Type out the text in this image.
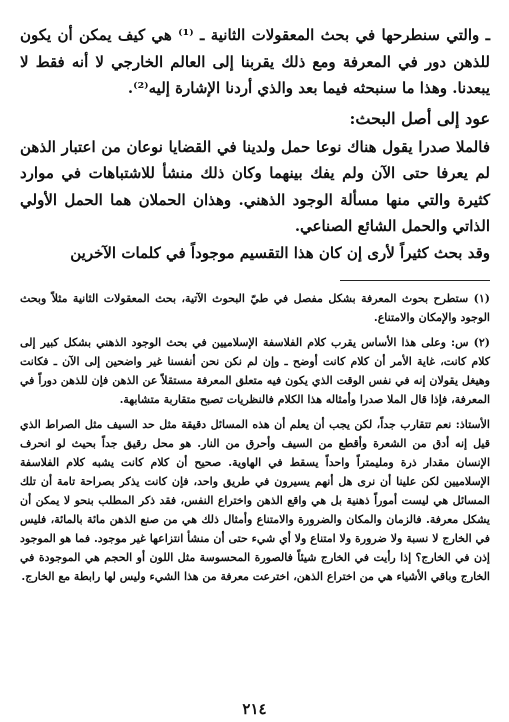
ـ والتي سنطرحها في بحث المعقولات الثانية ـ ⁽¹⁾ هي كيف يمكن أن يكون للذهن دور في المعرفة ومع ذلك يقربنا إلى العالم الخارجي لا أنه فقط لا يبعدنا. وهذا ما سنبحثه فيما بعد والذي أردنا الإشارة إليه⁽²⁾.

عود إلى أصل البحث:

فالملا صدرا يقول هناك نوعا حمل ولدينا في القضايا نوعان من اعتبار الذهن لم يعرفا حتى الآن ولم يفك بينهما وكان ذلك منشأ للاشتباهات في موارد كثيرة والتي منها مسألة الوجود الذهني. وهذان الحملان هما الحمل الأولي الذاتي والحمل الشائع الصناعي.

وقد بحث كثيراً لأرى إن كان هذا التقسيم موجوداً في كلمات الآخرين

(١) ستطرح بحوث المعرفة بشكل مفصل في طيّ البحوث الآتية، بحث المعقولات الثانية مثلاً وبحث الوجود والإمكان والامتناع.

(٢) س: وعلى هذا الأساس يقرب كلام الفلاسفة الإسلاميين في بحث الوجود الذهني بشكل كبير إلى كلام كانت، غاية الأمر أن كلام كانت أوضح ـ وإن لم نكن نحن أنفسنا غير واضحين إلى الآن ـ فكانت وهيغل يقولان إنه في نفس الوقت الذي يكون فيه متعلق المعرفة مستقلاً عن الذهن فإن للذهن دوراً في المعرفة، فإذا قال الملا صدرا وأمثاله هذا الكلام فالنظريات تصبح متقاربة متشابهة.

الأستاذ: نعم تتقارب جداً، لكن يجب أن يعلم أن هذه المسائل دقيقة مثل حد السيف مثل الصراط الذي قيل إنه أدق من الشعرة وأقطع من السيف وأحرق من النار. هو محل رقيق جداً بحيث لو انحرف الإنسان مقدار ذرة ومليمتراً واحداً يسقط في الهاوية. صحيح أن كلام كانت يشبه كلام الفلاسفة الإسلاميين لكن علينا أن نرى هل أنهم يسيرون في طريق واحد، فإن كانت يذكر بصراحة تامة أن تلك المسائل هي ليست أموراً ذهنية بل هي واقع الذهن واختراع النفس، فقد ذكر المطلب بنحو لا يمكن أن يشكل معرفة. فالزمان والمكان والضرورة والامتناع وأمثال ذلك هي من صنع الذهن مائة بالمائة، فليس في الخارج لا نسبة ولا ضرورة ولا امتناع ولا أي شيء حتى أن منشأ انتزاعها غير موجود. فما هو الموجود إذن في الخارج؟ إذا رأيت في الخارج شيئاً فالصورة المحسوسة مثل اللون أو الحجم هي الموجودة في الخارج وباقي الأشياء هي من اختراع الذهن، اخترعت معرفة من هذا الشيء وليس لها رابطة مع الخارج.

٢١٤
